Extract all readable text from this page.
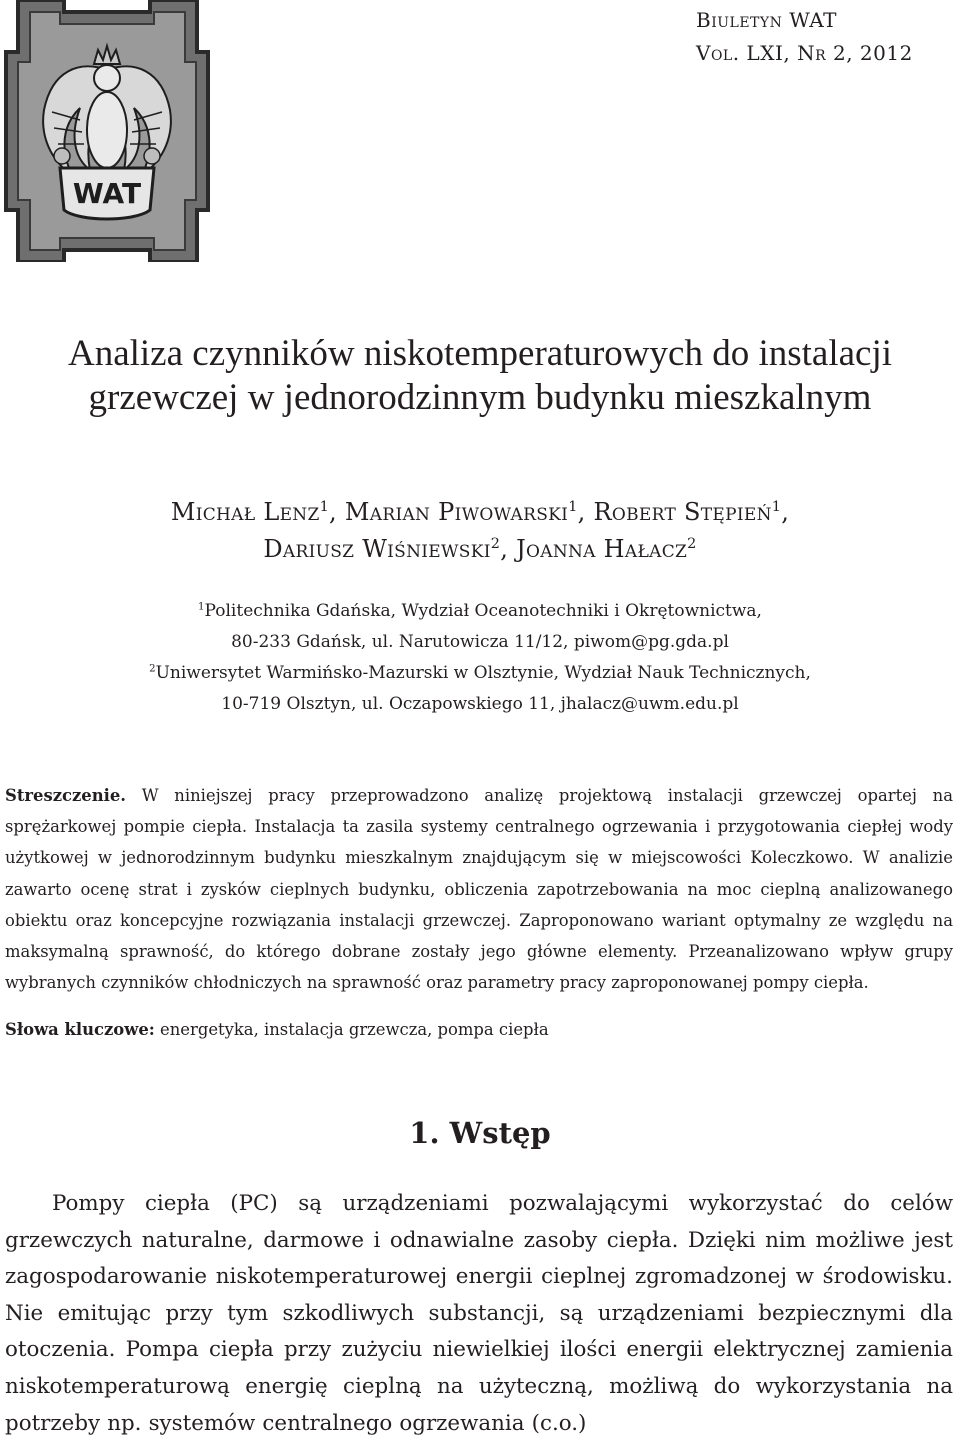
WAT
Biuletyn WAT
Vol. LXI, Nr 2, 2012
Analiza czynników niskotemperaturowych do instalacji
grzewczej w jednorodzinnym budynku mieszkalnym
Michał Lenz$^1$, Marian Piwowarski$^1$, Robert Stępień$^1$,
Dariusz Wiśniewski$^2$, Joanna Hałacz$^2$
$^1$Politechnika Gdańska, Wydział Oceanotechniki i Okrętownictwa,
80-233 Gdańsk, ul. Narutowicza 11/12, piwom@pg.gda.pl
$^2$Uniwersytet Warmińsko-Mazurski w Olsztynie, Wydział Nauk Technicznych,
10-719 Olsztyn, ul. Oczapowskiego 11, jhalacz@uwm.edu.pl

Streszczenie. W niniejszej pracy przeprowadzono analizę projektową instalacji grzewczej opartej na sprężarkowej pompie ciepła. Instalacja ta zasila systemy centralnego ogrzewania i przygotowania ciepłej wody użytkowej w jednorodzinnym budynku mieszkalnym znajdującym się w miejscowości Koleczkowo. W analizie zawarto ocenę strat i zysków cieplnych budynku, obliczenia zapotrzebowania na moc cieplną analizowanego obiektu oraz koncepcyjne rozwiązania instalacji grzewczej. Zaproponowano wariant optymalny ze względu na maksymalną sprawność, do którego dobrane zostały jego główne elementy. Przeanalizowano wpływ grupy wybranych czynników chłodniczych na sprawność oraz parametry pracy zaproponowanej pompy ciepła.

Słowa kluczowe: energetyka, instalacja grzewcza, pompa ciepła
1. Wstęp

Pompy ciepła (PC) są urządzeniami pozwalającymi wykorzystać do celów grzewczych naturalne, darmowe i odnawialne zasoby ciepła. Dzięki nim możliwe jest zagospodarowanie niskotemperaturowej energii cieplnej zgromadzonej w środowisku. Nie emitując przy tym szkodliwych substancji, są urządzeniami bezpiecznymi dla otoczenia. Pompa ciepła przy zużyciu niewielkiej ilości energii elektrycznej zamienia niskotemperaturową energię cieplną na użyteczną, możliwą do wykorzystania na potrzeby np. systemów centralnego ogrzewania (c.o.)
